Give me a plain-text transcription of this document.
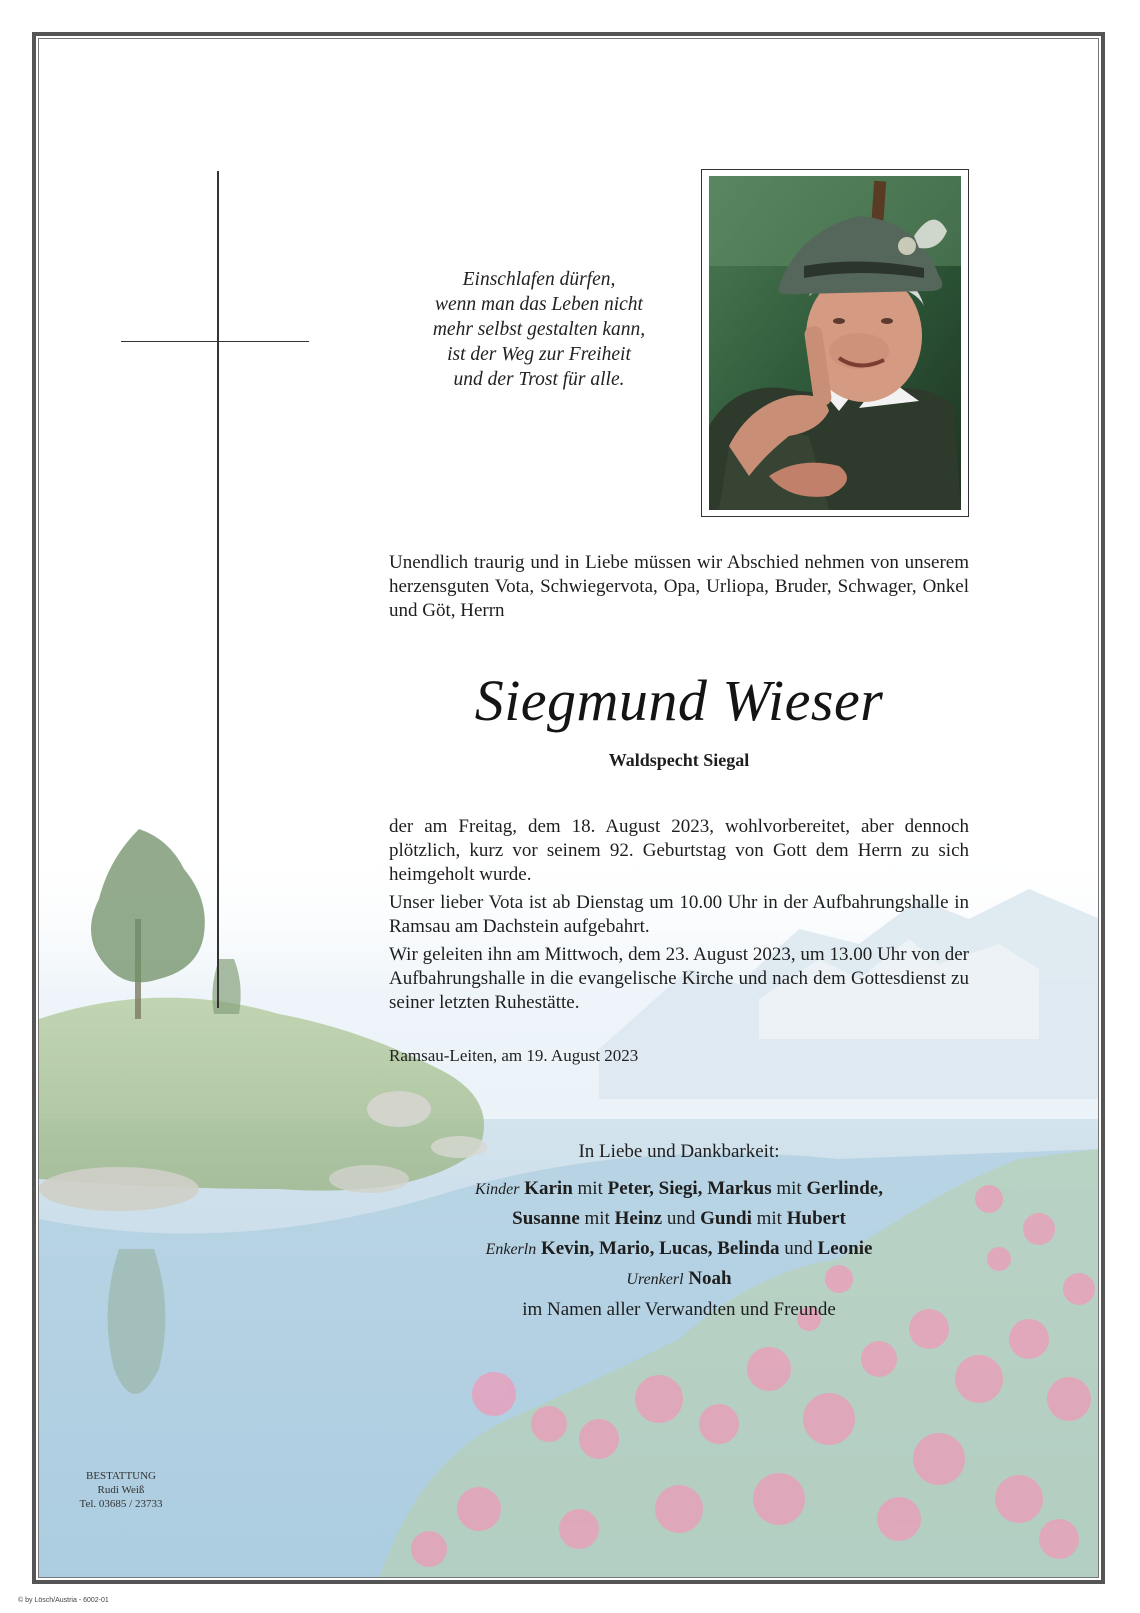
Einschlafen dürfen,
wenn man das Leben nicht
mehr selbst gestalten kann,
ist der Weg zur Freiheit
und der Trost für alle.

Unendlich traurig und in Liebe müssen wir Abschied nehmen von unserem herzensguten Vota, Schwiegervota, Opa, Urliopa, Bruder, Schwager, Onkel und Göt, Herrn

Siegmund Wieser
Waldspecht Siegal

der am Freitag, dem 18. August 2023, wohlvorbereitet, aber dennoch plötzlich, kurz vor seinem 92. Geburtstag von Gott dem Herrn zu sich heimgeholt wurde.

Unser lieber Vota ist ab Dienstag um 10.00 Uhr in der Aufbahrungshalle in Ramsau am Dachstein aufgebahrt.

Wir geleiten ihn am Mittwoch, dem 23. August 2023, um 13.00 Uhr von der Aufbahrungshalle in die evangelische Kirche und nach dem Gottesdienst zu seiner letzten Ruhestätte.

Ramsau-Leiten, am 19. August 2023
In Liebe und Dankbarkeit:
Kinder Karin mit Peter, Siegi, Markus mit Gerlinde,
Susanne mit Heinz und Gundi mit Hubert
Enkerln Kevin, Mario, Lucas, Belinda und Leonie
Urenkerl Noah
im Namen aller Verwandten und Freunde
BESTATTUNG
Rudi Weiß
Tel. 03685 / 23733
© by Lösch/Austria - 6002-01
